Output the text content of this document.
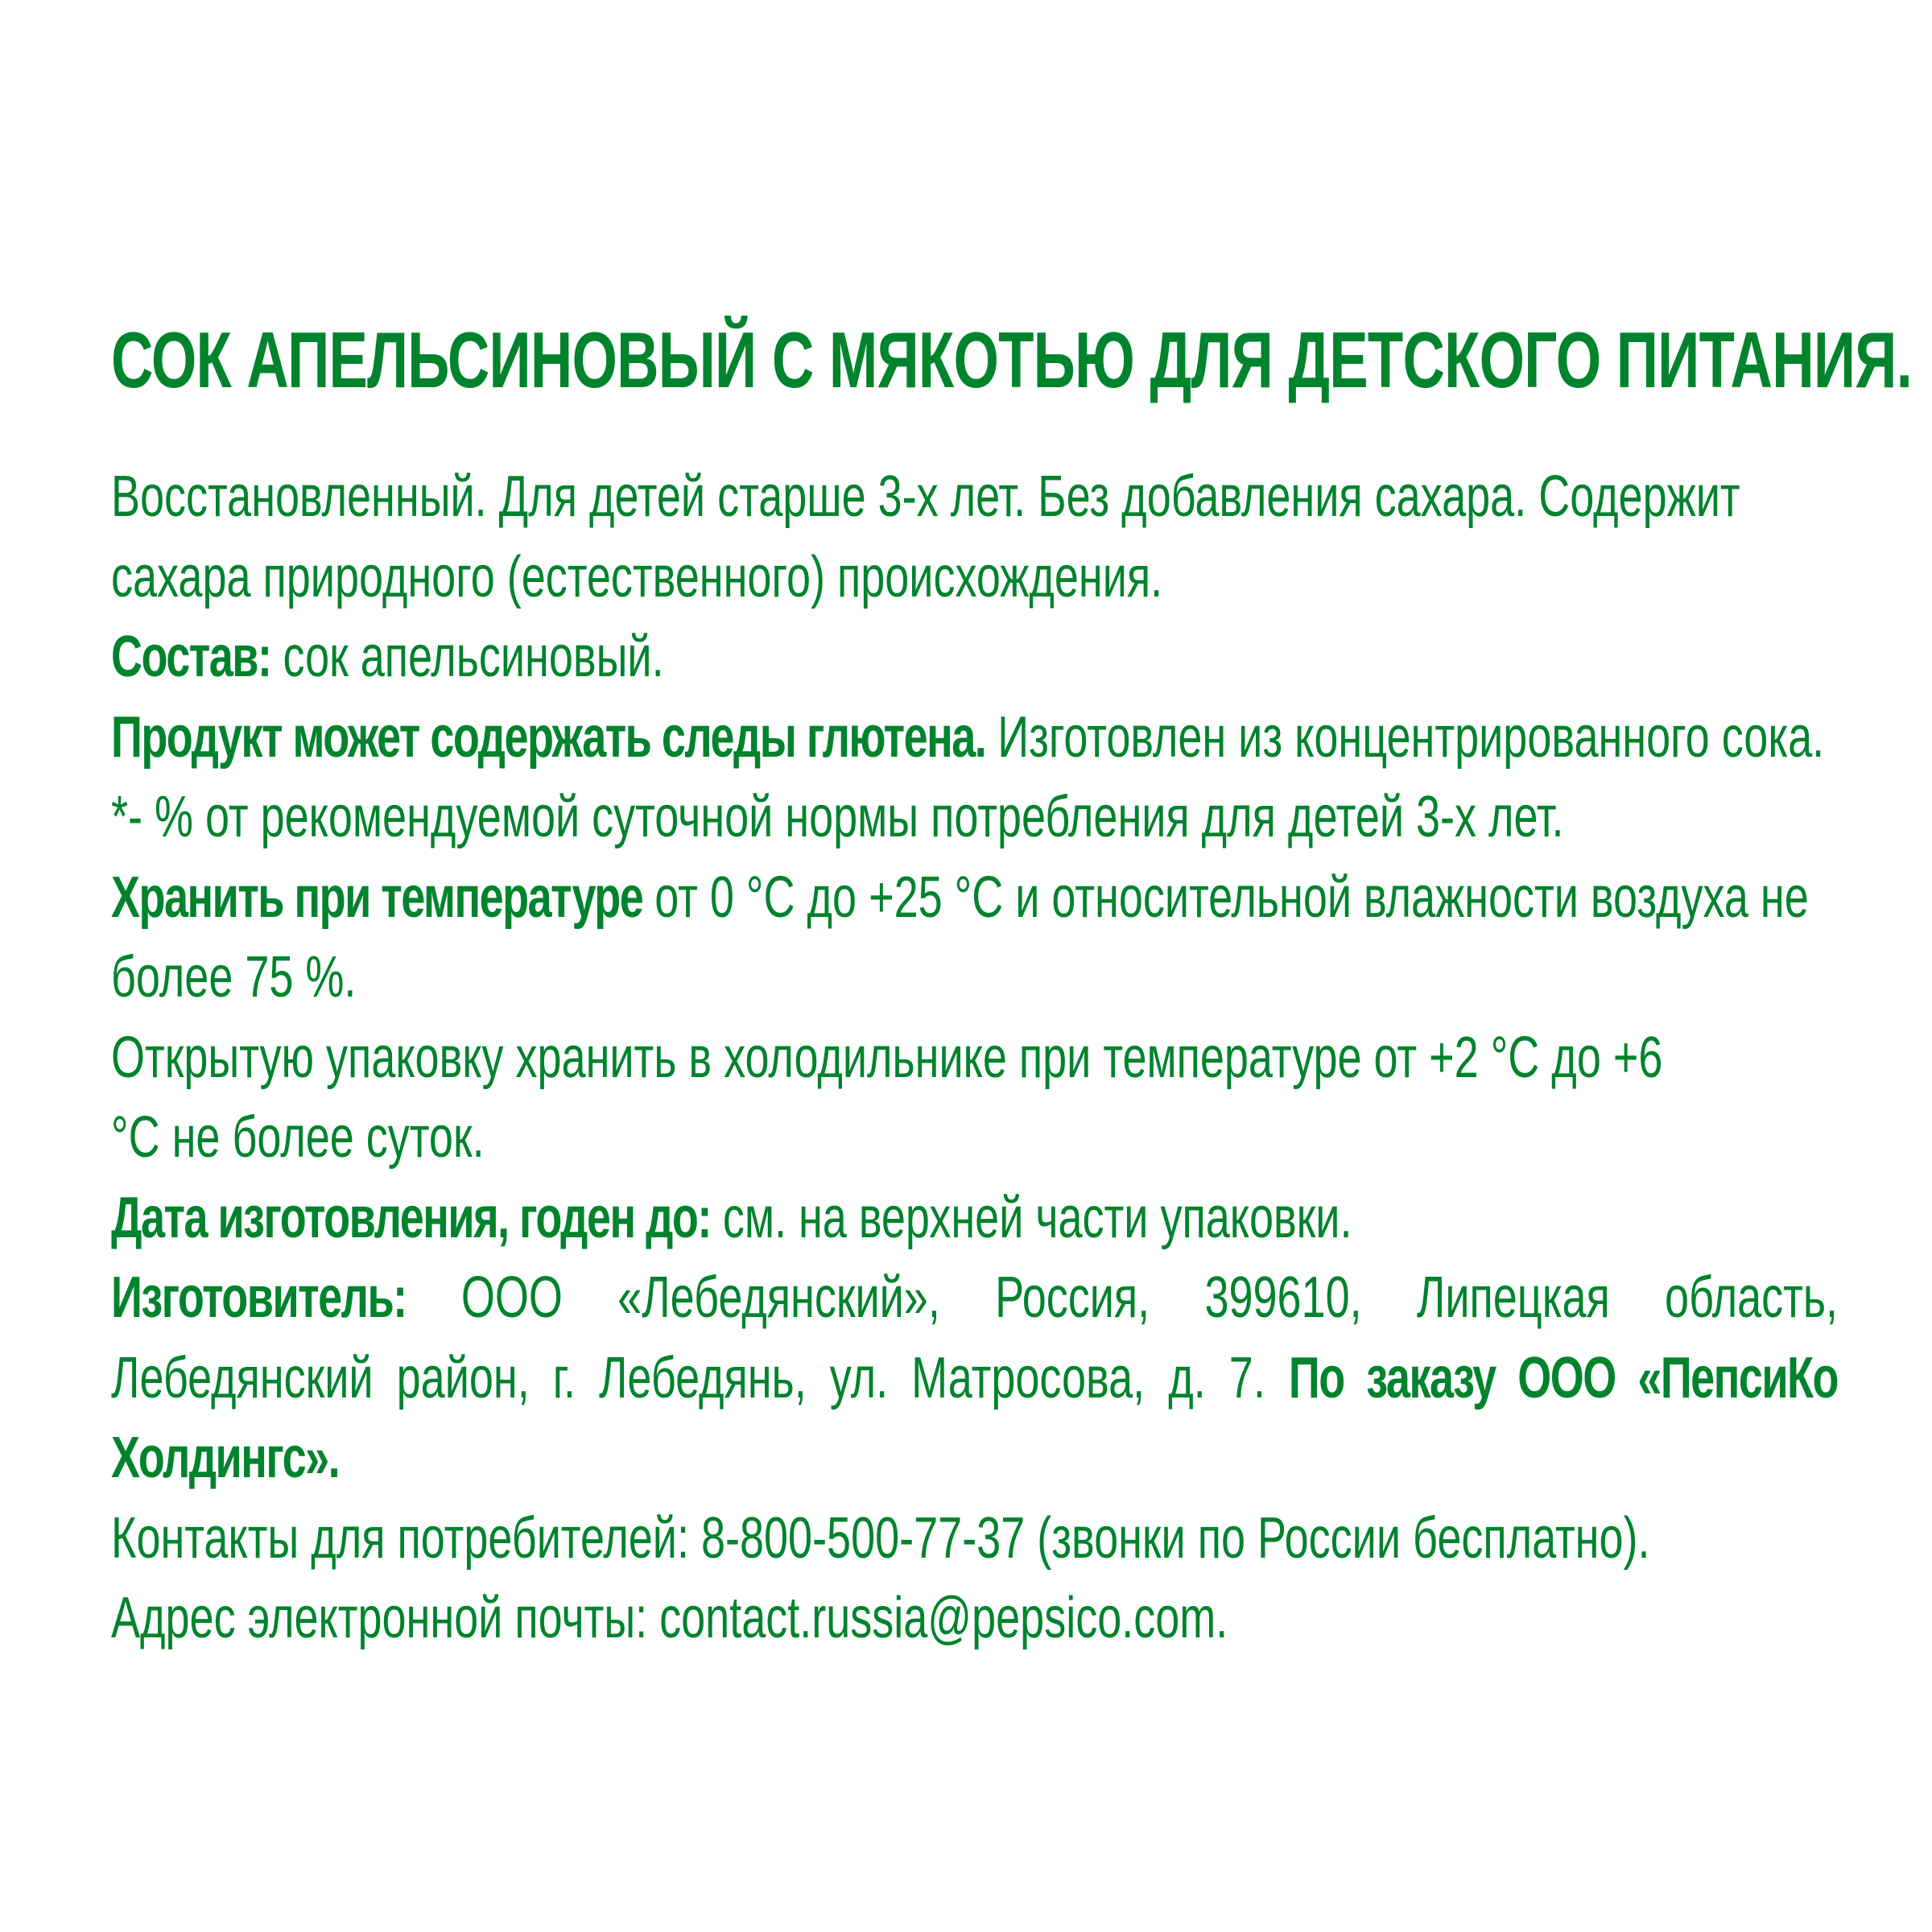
СОК АПЕЛЬСИНОВЫЙ С МЯКОТЬЮ ДЛЯ ДЕТСКОГО ПИТАНИЯ.
Восстановленный. Для детей старше 3-х лет. Без добавления сахара. Содержит
сахара природного (естественного) происхождения.
Состав: сок апельсиновый.
Продукт может содержать следы глютена. Изготовлен из концентрированного сока.
*- % от рекомендуемой суточной нормы потребления для детей 3-х лет.
Хранить при температуре от 0 °С до +25 °С и относительной влажности воздуха не
более 75 %.
Открытую упаковку хранить в холодильнике при температуре от +2 °С до +6
°С не более суток.
Дата изготовления, годен до: см. на верхней части упаковки.
Изготовитель: ООО «Лебедянский», Россия, 399610, Липецкая область,
Лебедянский район, г. Лебедянь, ул. Матросова, д. 7. По заказу ООО «ПепсиКо
Холдингс».
Контакты для потребителей: 8-800-500-77-37 (звонки по России бесплатно).
Адрес электронной почты: contact.russia@pepsico.com.
